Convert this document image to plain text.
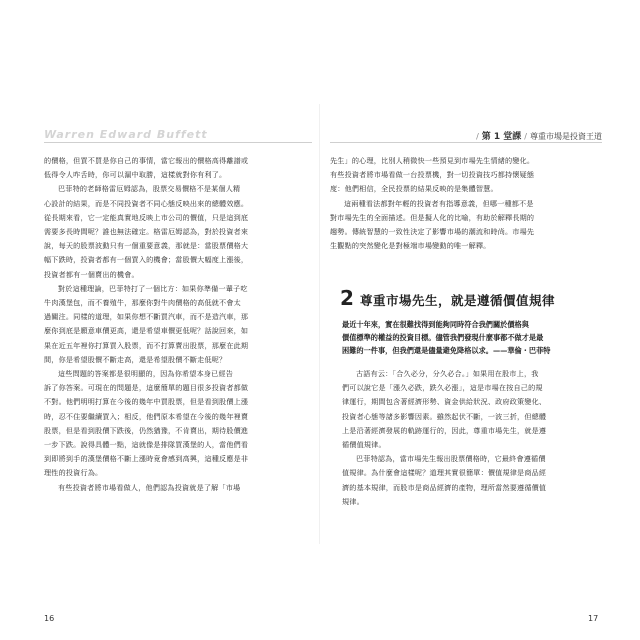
Warren Edward Buffett

的價格，但買不買是你自己的事情，當它報出的價格高得離譜或
低得令人咋舌時，你可以漏中取勝，這樣就對你有利了。

巴菲特的老師格雷厄姆認為，股票交易價格不是某個人精
心設計的結果，而是不同投資者不同心態反映出來的總體效應。
從長期來看，它一定能真實地反映上市公司的價值，只是這到底
需要多長時間呢？誰也無法確定。格雷厄姆認為，對於投資者來
說，每天的股票波動只有一個重要意義，那就是：當股票價格大
幅下跌時，投資者都有一個買入的機會；當股價大幅度上漲後，
投資者都有一個賣出的機會。

對於這種理論，巴菲特打了一個比方：如果你準備一輩子吃
牛肉漢堡包，而不養殖牛，那麼你對牛肉價格的高低就不會太
過關注。同樣的道理，如果你想不斷買汽車，而不是造汽車，那
麼你到底是願意車價更高，還是希望車價更低呢？話說回來，如
果在近五年裡你打算買入股票，而不打算賣出股票，那麼在此期
間，你是希望股價不斷走高，還是希望股價不斷走低呢？

這些問題的答案都是很明顯的，因為你希望本身已經告
訴了你答案。可現在的問題是，這麼簡單的題目很多投資者都做
不對。他們明明打算在今後的幾年中買股票，但是看到股價上漲
時，忍不住要繼續買入；相反，他們原本希望在今後的幾年裡賣
股票，但是看到股價下跌後，仍然猶豫，不肯賣出，期待股價進
一步下跌。說得具體一點，這就像是排隊買漢堡的人，當他們看
到即將到手的漢堡價格不斷上漲時竟會感到高興，這種反應是非
理性的投資行為。

有些投資者將市場看做人，他們認為投資就是了解「市場

16
/ 第 1 堂課 / 尊重市場是投資王道

先生」的心理，比別人稍微快一些預見到市場先生情緒的變化。
有些投資者將市場看做一台投票機，對一切投資技巧都持懷疑態
度：他們相信，全民投票的結果反映的是集體智慧。

這兩種看法都對年輕的投資者有指導意義，但哪一種都不是
對市場先生的全面描述。但是擬人化的比喻，有助於解釋長期的
趨勢。傳統智慧的一致性決定了影響市場的潮流和時尚。市場先
生觀點的突然變化是對極端市場變動的唯一解釋。

2 尊重市場先生，就是遵循價值規律
最近十年來，實在很難找得到能夠同時符合我們關於價格與
價值標準的權益的投資目標。儘管我們發現什麼事都不做才是最
困難的一件事，但我們還是儘量避免降格以求。——華倫・巴菲特

古語有云：「合久必分，分久必合。」如果用在股市上，我
們可以說它是「漲久必跌，跌久必漲」，這是市場在按自己的規
律運行，期間包含著經濟形勢、資金供給狀況、政府政策變化、
投資者心態等諸多影響因素。雖然起伏不斷，一波三折，但總體
上是沿著經濟發展的軌跡運行的，因此，尊重市場先生，就是遵
循價值規律。

巴菲特認為，當市場先生報出股票價格時，它最終會遵循價
值規律。為什麼會這樣呢？道理其實很簡單：價值規律是商品經
濟的基本規律，而股市是商品經濟的產物，理所當然要遵循價值
規律。

17
